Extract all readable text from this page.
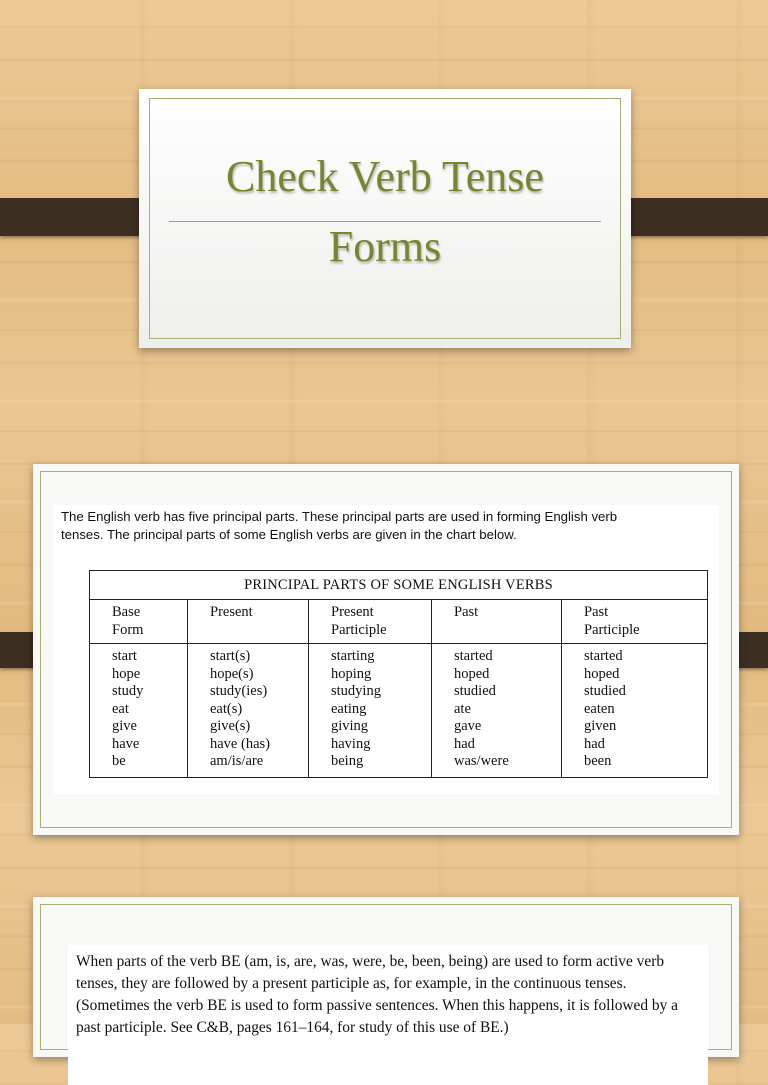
Check Verb Tense
Forms
The English verb has five principal parts. These principal parts are used in forming English verb
tenses. The principal parts of some English verbs are given in the chart below.
PRINCIPAL PARTS OF SOME ENGLISH VERBS
Base
Form
start
hope
study
eat
give
have
be
Present
start(s)
hope(s)
study(ies)
eat(s)
give(s)
have (has)
am/is/are
Present
Participle
starting
hoping
studying
eating
giving
having
being
Past
started
hoped
studied
ate
gave
had
was/were
Past
Participle
started
hoped
studied
eaten
given
had
been
When parts of the verb BE (am, is, are, was, were, be, been, being) are used to form active verb
tenses, they are followed by a present participle as, for example, in the continuous tenses.
(Sometimes the verb BE is used to form passive sentences. When this happens, it is followed by a
past participle. See C&B, pages 161–164, for study of this use of BE.)
